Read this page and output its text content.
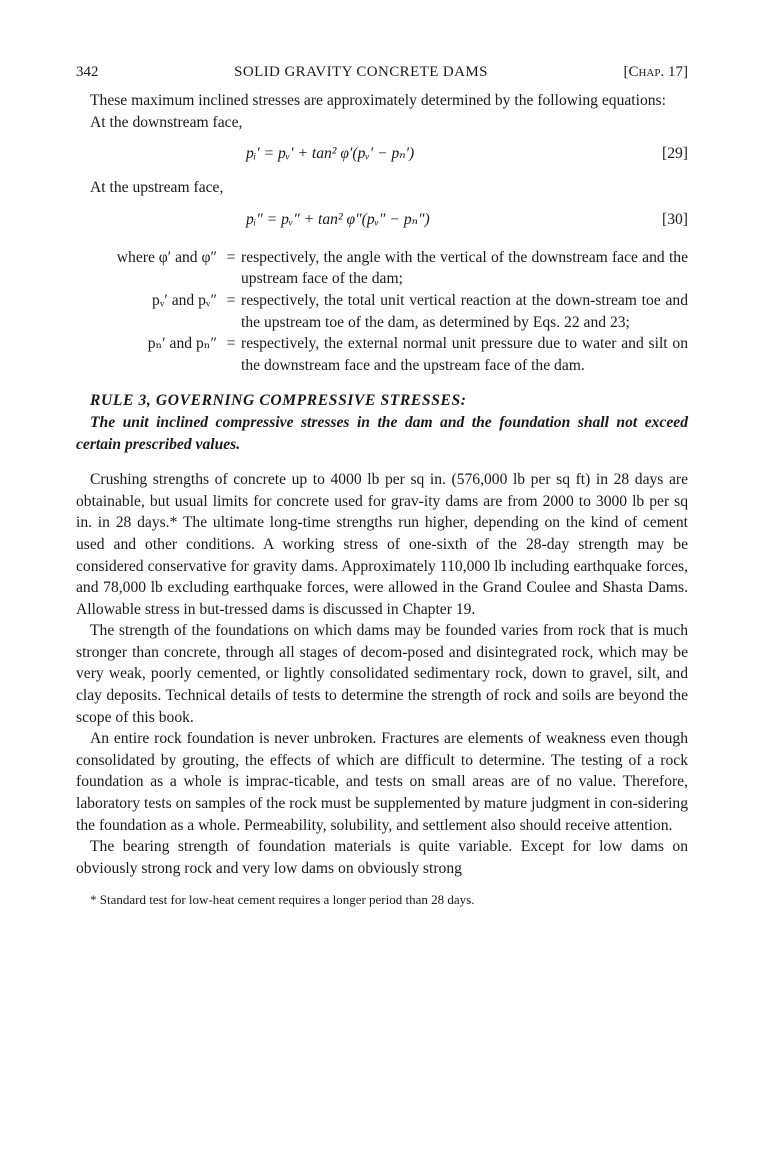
342	SOLID GRAVITY CONCRETE DAMS	[Chap. 17]

These maximum inclined stresses are approximately determined by the following equations:

At the downstream face,

pᵢ′ = pᵥ′ + tan² φ′(pᵥ′ − pₙ′)	[29]

At the upstream face,

pᵢ″ = pᵥ″ + tan² φ″(pᵥ″ − pₙ″)	[30]
where φ′ and φ″ = respectively, the angle with the vertical of the downstream face and the upstream face of the dam;
pᵥ′ and pᵥ″ = respectively, the total unit vertical reaction at the down-stream toe and the upstream toe of the dam, as determined by Eqs. 22 and 23;
pₙ′ and pₙ″ = respectively, the external normal unit pressure due to water and silt on the downstream face and the upstream face of the dam.

RULE 3, GOVERNING COMPRESSIVE STRESSES:

The unit inclined compressive stresses in the dam and the foundation shall not exceed certain prescribed values.

Crushing strengths of concrete up to 4000 lb per sq in. (576,000 lb per sq ft) in 28 days are obtainable, but usual limits for concrete used for grav-ity dams are from 2000 to 3000 lb per sq in. in 28 days.* The ultimate long-time strengths run higher, depending on the kind of cement used and other conditions. A working stress of one-sixth of the 28-day strength may be considered conservative for gravity dams. Approximately 110,000 lb including earthquake forces, and 78,000 lb excluding earthquake forces, were allowed in the Grand Coulee and Shasta Dams. Allowable stress in but-tressed dams is discussed in Chapter 19.

The strength of the foundations on which dams may be founded varies from rock that is much stronger than concrete, through all stages of decom-posed and disintegrated rock, which may be very weak, poorly cemented, or lightly consolidated sedimentary rock, down to gravel, silt, and clay deposits. Technical details of tests to determine the strength of rock and soils are beyond the scope of this book.

An entire rock foundation is never unbroken. Fractures are elements of weakness even though consolidated by grouting, the effects of which are difficult to determine. The testing of a rock foundation as a whole is imprac-ticable, and tests on small areas are of no value. Therefore, laboratory tests on samples of the rock must be supplemented by mature judgment in con-sidering the foundation as a whole. Permeability, solubility, and settlement also should receive attention.

The bearing strength of foundation materials is quite variable. Except for low dams on obviously strong rock and very low dams on obviously strong

* Standard test for low-heat cement requires a longer period than 28 days.
